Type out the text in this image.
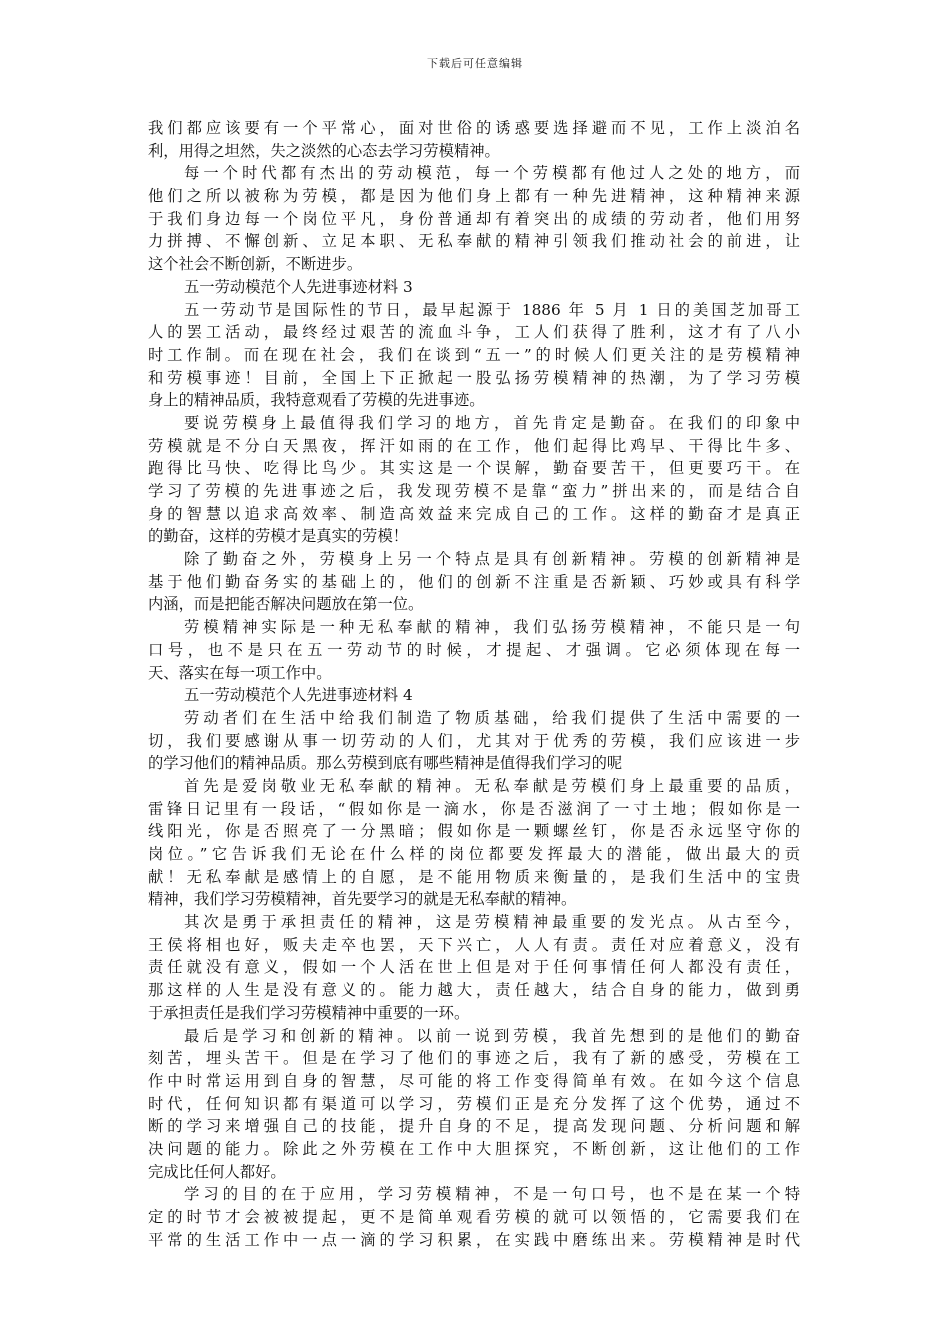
下载后可任意编辑
我们都应该要有一个平常心，面对世俗的诱惑要选择避而不见，工作上淡泊名
利，用得之坦然，失之淡然的心态去学习劳模精神。
每一个时代都有杰出的劳动模范，每一个劳模都有他过人之处的地方，而
他们之所以被称为劳模，都是因为他们身上都有一种先进精神，这种精神来源
于我们身边每一个岗位平凡，身份普通却有着突出的成绩的劳动者，他们用努
力拼搏、不懈创新、立足本职、无私奉献的精神引领我们推动社会的前进，让
这个社会不断创新，不断进步。
五一劳动模范个人先进事迹材料 3
五一劳动节是国际性的节日，最早起源于 1886 年 5 月 1 日的美国芝加哥工
人的罢工活动，最终经过艰苦的流血斗争，工人们获得了胜利，这才有了八小
时工作制。而在现在社会，我们在谈到“五一”的时候人们更关注的是劳模精神
和劳模事迹！目前，全国上下正掀起一股弘扬劳模精神的热潮，为了学习劳模
身上的精神品质，我特意观看了劳模的先进事迹。
要说劳模身上最值得我们学习的地方，首先肯定是勤奋。在我们的印象中
劳模就是不分白天黑夜，挥汗如雨的在工作，他们起得比鸡早、干得比牛多、
跑得比马快、吃得比鸟少。其实这是一个误解，勤奋要苦干，但更要巧干。在
学习了劳模的先进事迹之后，我发现劳模不是靠“蛮力”拼出来的，而是结合自
身的智慧以追求高效率、制造高效益来完成自己的工作。这样的勤奋才是真正
的勤奋，这样的劳模才是真实的劳模！
除了勤奋之外，劳模身上另一个特点是具有创新精神。劳模的创新精神是
基于他们勤奋务实的基础上的，他们的创新不注重是否新颖、巧妙或具有科学
内涵，而是把能否解决问题放在第一位。
劳模精神实际是一种无私奉献的精神，我们弘扬劳模精神，不能只是一句
口号，也不是只在五一劳动节的时候，才提起、才强调。它必须体现在每一
天、落实在每一项工作中。
五一劳动模范个人先进事迹材料 4
劳动者们在生活中给我们制造了物质基础，给我们提供了生活中需要的一
切，我们要感谢从事一切劳动的人们，尤其对于优秀的劳模，我们应该进一步
的学习他们的精神品质。那么劳模到底有哪些精神是值得我们学习的呢
首先是爱岗敬业无私奉献的精神。无私奉献是劳模们身上最重要的品质，
雷锋日记里有一段话，“假如你是一滴水，你是否滋润了一寸土地；假如你是一
线阳光，你是否照亮了一分黑暗；假如你是一颗螺丝钉，你是否永远坚守你的
岗位。”它告诉我们无论在什么样的岗位都要发挥最大的潜能，做出最大的贡
献！无私奉献是感情上的自愿，是不能用物质来衡量的，是我们生活中的宝贵
精神，我们学习劳模精神，首先要学习的就是无私奉献的精神。
其次是勇于承担责任的精神，这是劳模精神最重要的发光点。从古至今，
王侯将相也好，贩夫走卒也罢，天下兴亡，人人有责。责任对应着意义，没有
责任就没有意义，假如一个人活在世上但是对于任何事情任何人都没有责任，
那这样的人生是没有意义的。能力越大，责任越大，结合自身的能力，做到勇
于承担责任是我们学习劳模精神中重要的一环。
最后是学习和创新的精神。以前一说到劳模，我首先想到的是他们的勤奋
刻苦，埋头苦干。但是在学习了他们的事迹之后，我有了新的感受，劳模在工
作中时常运用到自身的智慧，尽可能的将工作变得简单有效。在如今这个信息
时代，任何知识都有渠道可以学习，劳模们正是充分发挥了这个优势，通过不
断的学习来增强自己的技能，提升自身的不足，提高发现问题、分析问题和解
决问题的能力。除此之外劳模在工作中大胆探究，不断创新，这让他们的工作
完成比任何人都好。
学习的目的在于应用，学习劳模精神，不是一句口号，也不是在某一个特
定的时节才会被被提起，更不是简单观看劳模的就可以领悟的，它需要我们在
平常的生活工作中一点一滴的学习积累，在实践中磨练出来。劳模精神是时代
